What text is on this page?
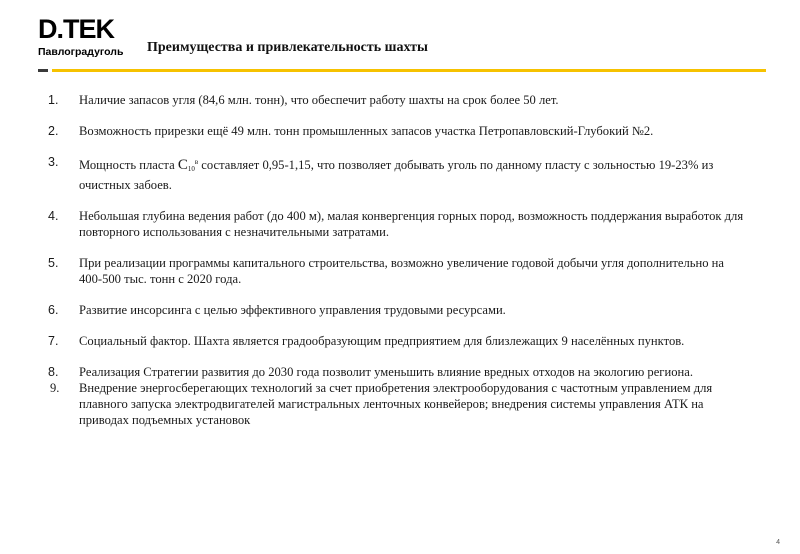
D.TEK
Павлоградуголь Преимущества и привлекательность шахты
1. Наличие запасов угля (84,6 млн. тонн), что обеспечит работу шахты на срок более 50 лет.
2. Возможность прирезки ещё 49 млн. тонн промышленных запасов участка Петропавловский-Глубокий №2.
3. Мощность пласта $С10^в$ составляет 0,95-1,15, что позволяет добывать уголь по данному пласту с зольностью 19-23% из очистных забоев.
4. Небольшая глубина ведения работ (до 400 м), малая конвергенция горных пород, возможность поддержания выработок для повторного использования с незначительными затратами.
5. При реализации программы капитального строительства, возможно увеличение годовой добычи угля дополнительно на 400-500 тыс. тонн с 2020 года.
6. Развитие инсорсинга с целью эффективного управления трудовыми ресурсами.
7. Социальный фактор. Шахта является градообразующим предприятием для близлежащих 9 населённых пунктов.
8. Реализация Стратегии развития до 2030 года позволит уменьшить влияние вредных отходов на экологию региона.
9. Внедрение энергосберегающих технологий за счет приобретения электрооборудования с частотным управлением для плавного запуска электродвигателей магистральных ленточных конвейеров; внедрения системы управления АТК на приводах подъемных установок
4
